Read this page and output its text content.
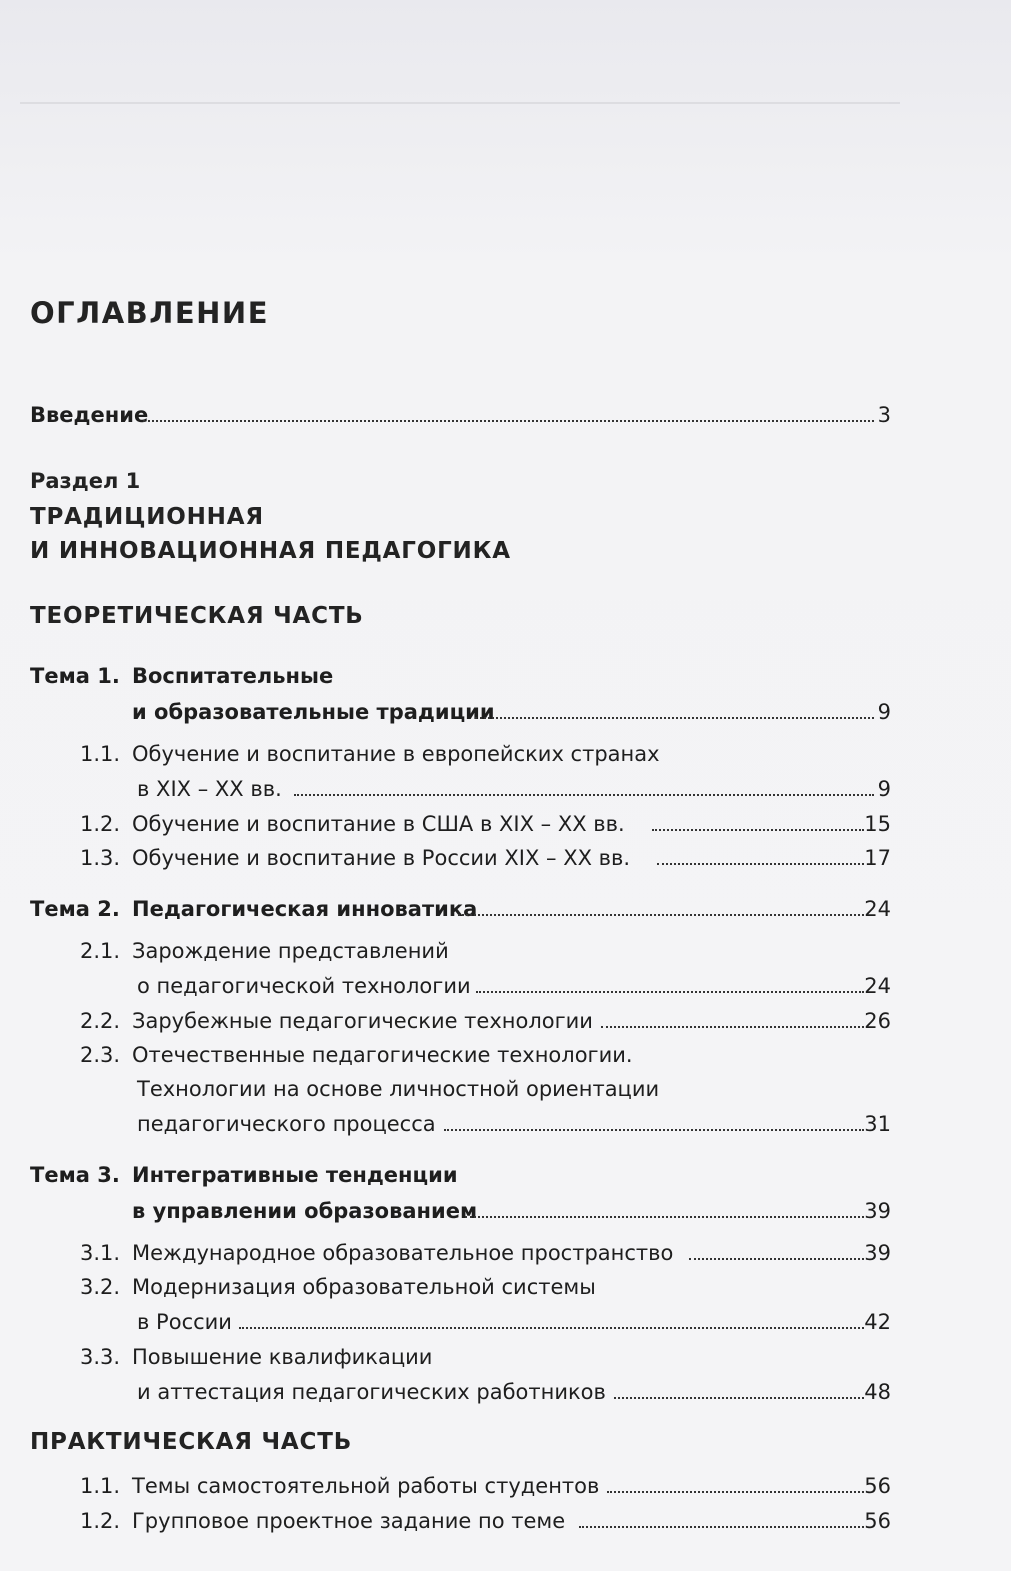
ОГЛАВЛЕНИЕ
Введение	3
Раздел 1
ТРАДИЦИОННАЯ
И ИННОВАЦИОННАЯ ПЕДАГОГИКА
ТЕОРЕТИЧЕСКАЯ ЧАСТЬ
Тема 1. Воспитательные
и образовательные традиции	9
1.1. Обучение и воспитание в европейских странах
в XIX – XX вв.	9
1.2. Обучение и воспитание в США в XIX – XX вв.	15
1.3. Обучение и воспитание в России XIX – XX вв.	17
Тема 2. Педагогическая инноватика	24
2.1. Зарождение представлений
о педагогической технологии	24
2.2. Зарубежные педагогические технологии	26
2.3. Отечественные педагогические технологии.
Технологии на основе личностной ориентации
педагогического процесса	31
Тема 3. Интегративные тенденции
в управлении образованием	39
3.1. Международное образовательное пространство	39
3.2. Модернизация образовательной системы
в России	42
3.3. Повышение квалификации
и аттестация педагогических работников	48
ПРАКТИЧЕСКАЯ ЧАСТЬ
1.1. Темы самостоятельной работы студентов	56
1.2. Групповое проектное задание по теме	56
